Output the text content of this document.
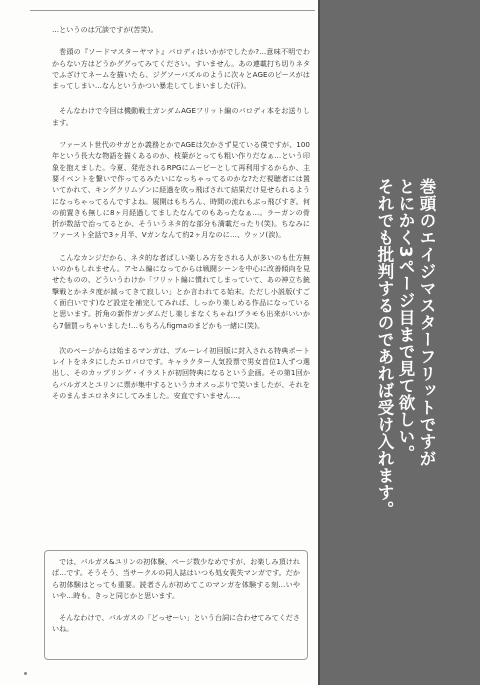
…というのは冗談ですが(苦笑)。

巻頭の『ソードマスターヤマト』パロディはいかがでしたか?…意味不明でわからない方はどうかググってみてください。すいません。あの連載打ち切りネタでふざけてネームを描いたら、ジグソーパズルのように次々とAGEのピースがはまってしまい…なんというかつい暴走してしまいました(汗)。

そんなわけで今回は機動戦士ガンダムAGEフリット編のパロディ本をお送りします。

ファースト世代のサガとか義務とかでAGEは欠かさず見ている僕ですが、100年という長大な物語を描くあるのか、枝葉がとっても粗い作りだなぁ…という印象を抱えました。今夏、発売されるRPGにムービーとして再利用するからか、主要イベントを繋いで作ってるみたいになっちゃってるのかな?ただ視聴者には置いてかれて、キングクリムゾンに経過を吹っ飛ばされて結果だけ見せられるようになっちゃってるんですよね。展開はもちろん、時間の流れもぶっ飛びすぎ。何の前置きも無しに8ヶ月経過してましたなんてのもあったなぁ…。ラーガンの骨折が数話で治ってるとか、そういうネタ的な部分も満載だったり(笑)。ちなみにファースト全話で3ヶ月半、Vガンなんて約2ヶ月なのに…、ウッソ(涙)。

こんなカンジだから、ネタ的な者ばしい楽しみ方をされる人が多いのも仕方無いのかもしれません。アセム編になってからは戦闘シーンを中心に改善傾向を見せたものの、どういうわけか「フリット編に慣れてしまっていて、あの神立ち銃撃戦とかネタ度が減ってきて寂しい」とか言われてる始末。ただし小説版(すごく面白いです)など設定を補完してみれば、しっかり楽しめる作品になっていると思います。折角の新作ガンダムだし楽しまなくちゃね!プラモも出来がいいから7個買っちゃいました!…もちろんfigmaのまどかも一緒に(笑)。

次のページからは始まるマンガは、ブルーレイ初回版に封入される特典ポートレイトをネタにしたエロパロです。キャラクター人気投票で男女首位1人ずつ選出し、そのカップリング・イラストが初回特典になるという企画。その第1回からバルガスとユリンに票が集中するというカオスっぷりで笑いましたが、それをそのまんまエロネタにしてみました。安直ですいません…。

では、バルガス&ユリンの初体験、ページ数少なめですが、お楽しみ頂ければ…です。そうそう、当サークルの同人誌はいつも処女喪失マンガです。だから初体験はとっても重要。読者さんが初めてこのマンガを体験する刻…いやいや…時も、きっと同じかと思います。

そんなわけで、バルガスの「どっせーい」という台詞に合わせてみてくださいね。

巻頭のエイジマスターフリットですが
とにかく3ページ目まで見て欲しい。
それでも批判するのであれば受け入れます。
